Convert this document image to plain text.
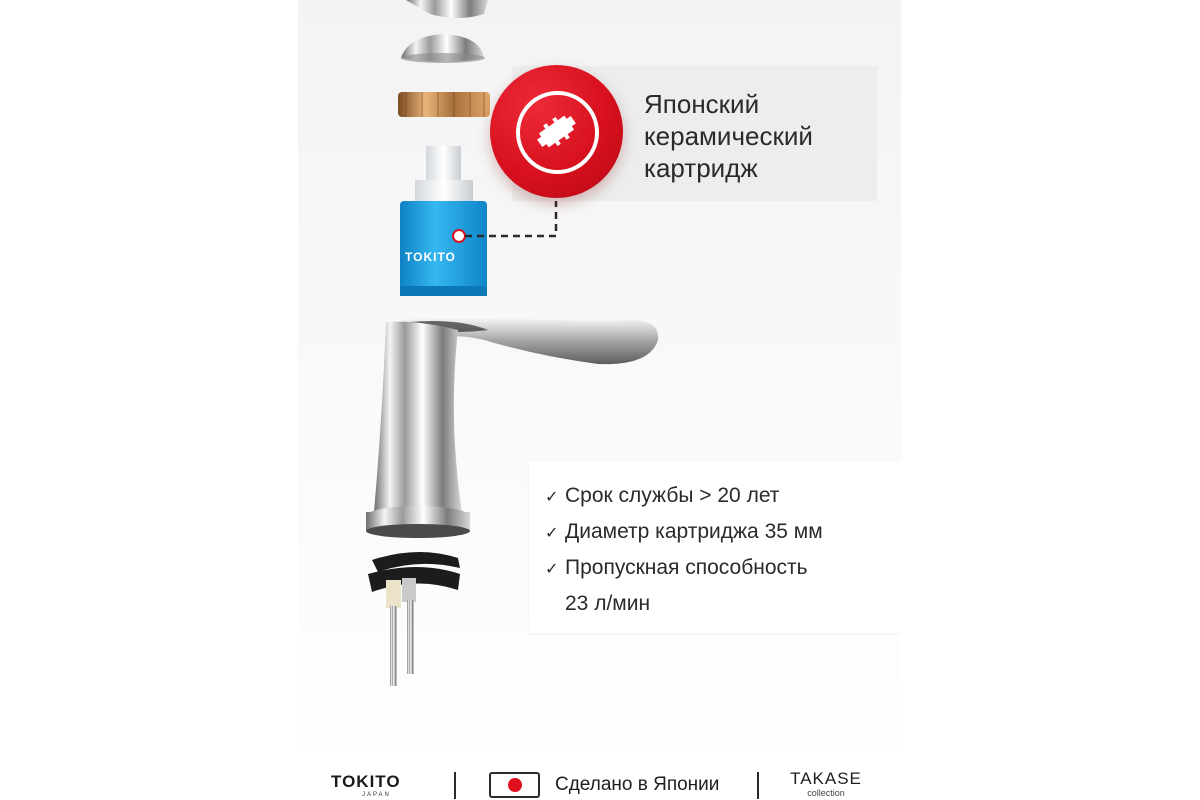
Японский
керамический
картридж
TOKITO
✓ Срок службы > 20 лет
✓ Диаметр картриджа 35 мм
✓ Пропускная способность
23 л/мин
TOKITO
JAPAN	Сделано в Японии	TAKASE
collection
